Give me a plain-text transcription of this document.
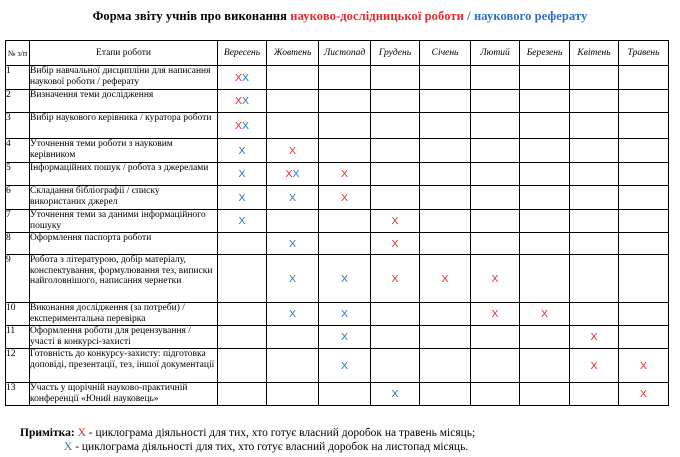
Форма звіту учнів про виконання науково-дослідницької роботи / наукового реферату
№ з/п	Етапи роботи	Вересень	Жовтень	Листопад	Грудень	Січень	Лютий	Березень	Квітень	Травень
1	Вибір навчальної дисципліни для написання наукової роботи / реферату	XX								
2	Визначення теми дослідження	XX								
3	Вибір наукового керівника / куратора роботи	XX								
4	Уточнення теми роботи з науковим керівником	X	X							
5	Інформаційних пошук / робота з джерелами	X	XX	X						
6	Складання бібліографії / списку використаних джерел	X	X	X						
7	Уточнення теми за даними інформаційного пошуку	X			X					
8	Оформлення паспорта роботи		X		X					
9	Робота з літературою, добір матеріалу, конспектування, формулювання тез, виписки найголовнішого, написання чернетки		X	X	X	X	X			
10	Виконання дослідження (за потреби) / експериментальна перевірка		X	X			X	X		
11	Оформлення роботи для рецензування / участі в конкурсі-захисті			X					X	
12	Готовність до конкурсу-захисту: підготовка доповіді, презентації, тез, іншої документації			X					X	X
13	Участь у щорічній науково-практичній конференції «Юний науковець»				X					X
Примітка: X - циклограма діяльності для тих, хто готує власний доробок на травень місяць;
X - циклограма діяльності для тих, хто готує власний доробок на листопад місяць.
